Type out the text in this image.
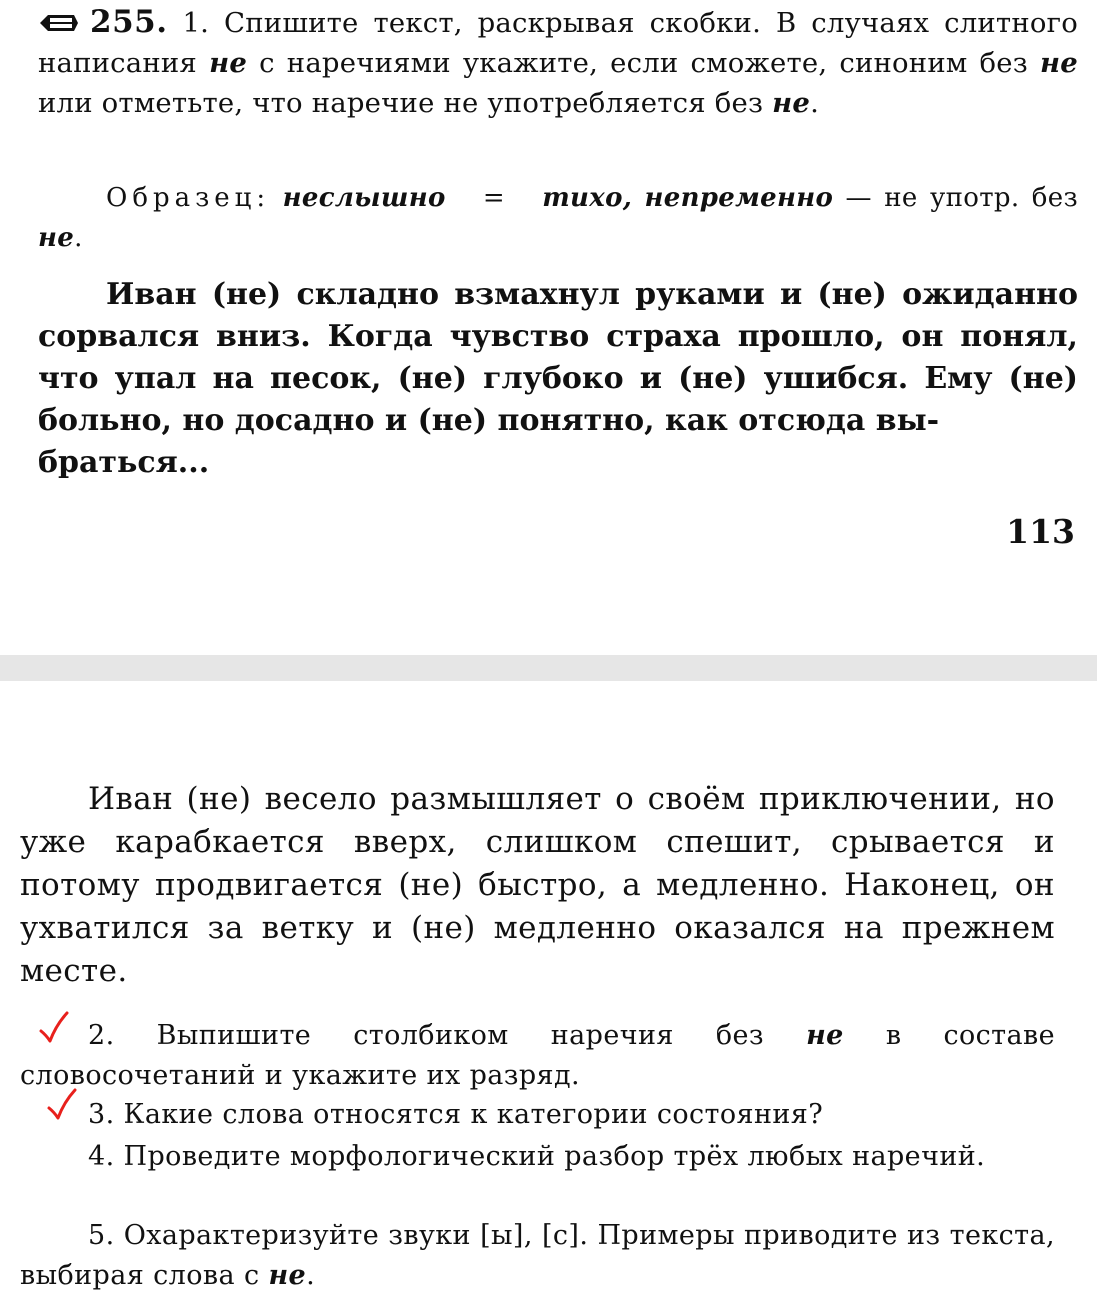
255. 1. Спишите текст, раскрывая скобки. В случаях слитного написания не с наречиями укажите, если сможете, синоним без не или отметьте, что наречие не употребляется без не.

Образец: неслышно = тихо, непременно — не употр. без не.

Иван (не) складно взмахнул руками и (не) ожиданно сорвался вниз. Когда чувство страха прошло, он понял, что упал на песок, (не) глубоко и (не) ушибся. Ему (не) больно, но досадно и (не) понятно, как отсюда вы-
браться...

113

Иван (не) весело размышляет о своём приключении, но уже карабкается вверх, слишком спешит, срывается и потому продвигается (не) быстро, а медленно. Наконец, он ухватился за ветку и (не) медленно оказался на прежнем месте.

2. Выпишите столбиком наречия без не в составе словосочетаний и укажите их разряд.

3. Какие слова относятся к категории состояния?

4. Проведите морфологический разбор трёх любых наречий.

5. Охарактеризуйте звуки [ы], [с]. Примеры приводите из текста, выбирая слова с не.
